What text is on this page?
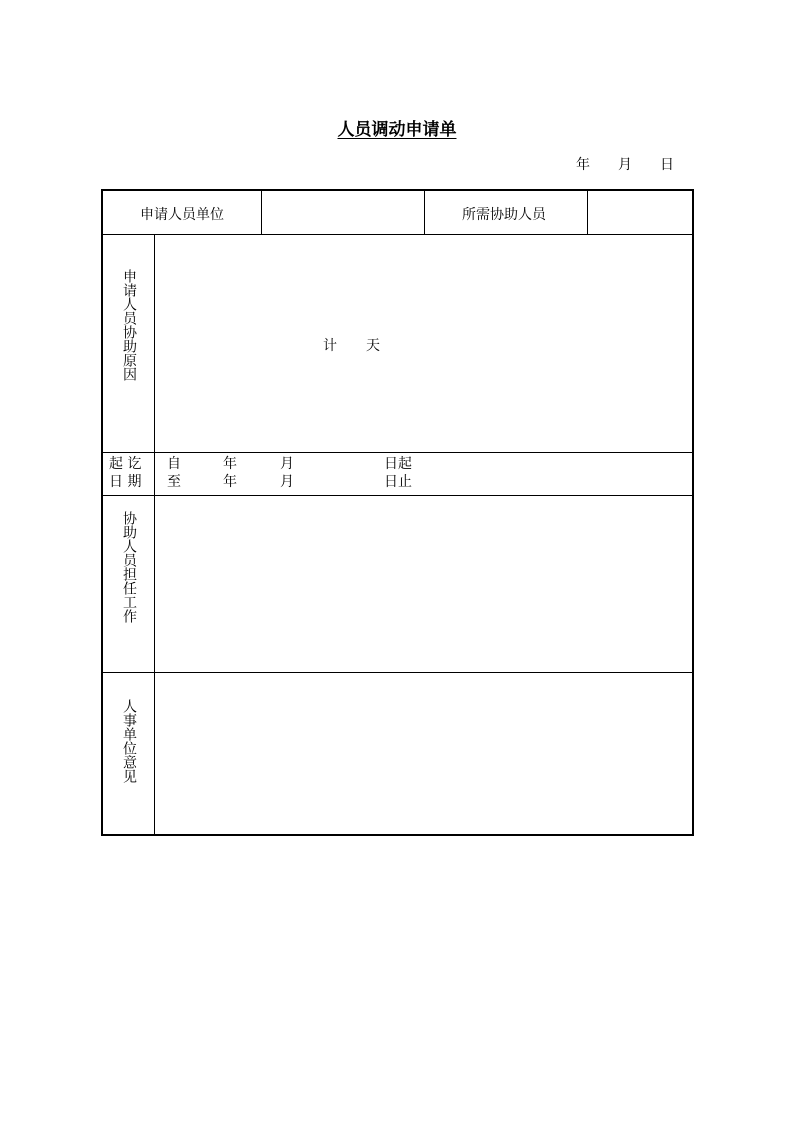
人员调动申请单
年 月 日
申请人员单位	所需协助人员
申请人员协助原因	计 天
起 讫
日 期
自	年	月	日起
至	年	月	日止
协助人员担任工作
人事单位意见
